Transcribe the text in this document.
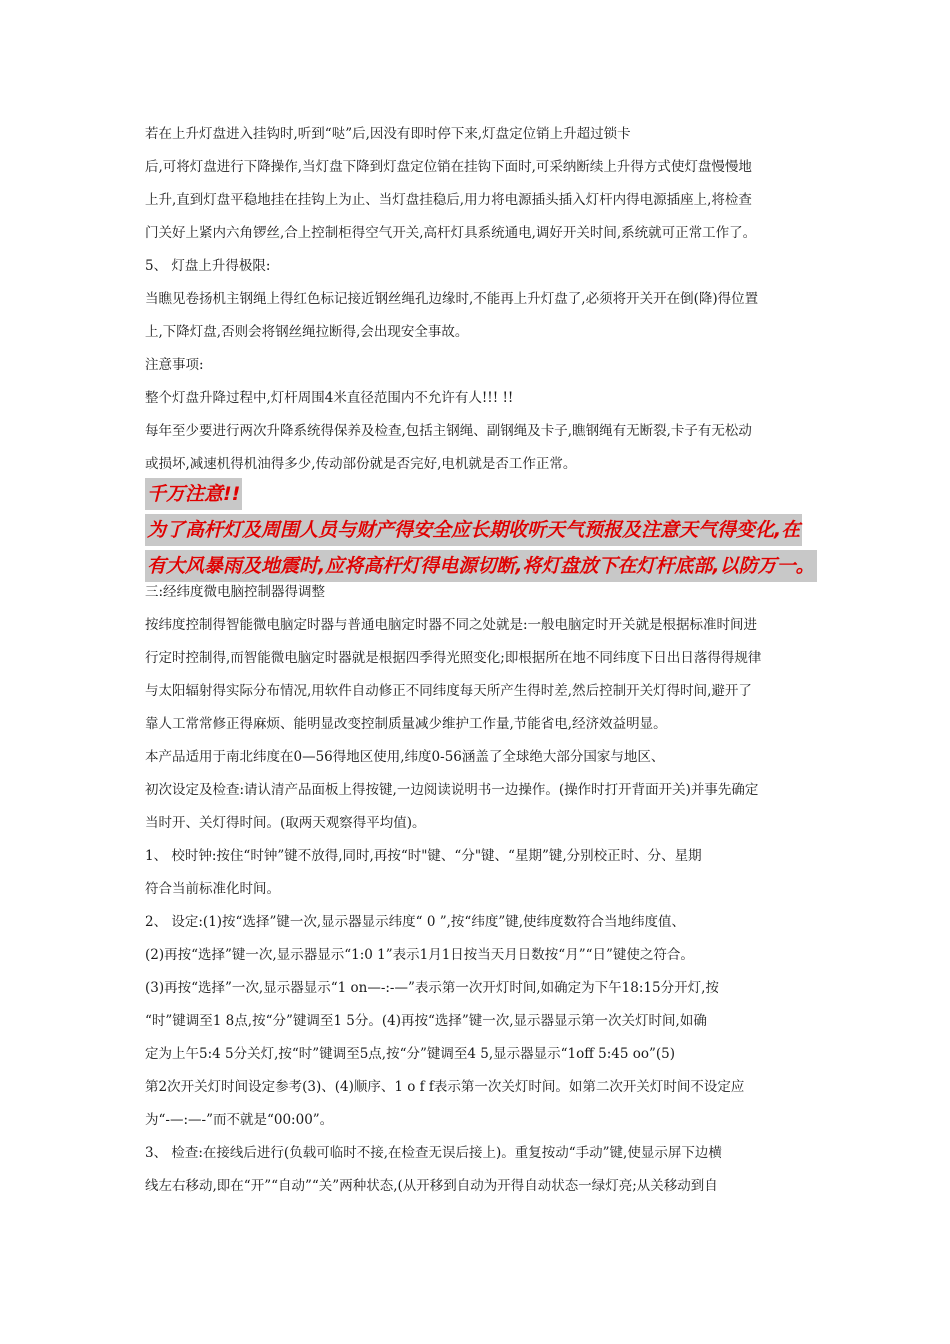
若在上升灯盘进入挂钩时,听到“哒”后,因没有即时停下来,灯盘定位销上升超过锁卡
后,可将灯盘进行下降操作,当灯盘下降到灯盘定位销在挂钩下面时,可采纳断续上升得方式使灯盘慢慢地
上升,直到灯盘平稳地挂在挂钩上为止、当灯盘挂稳后,用力将电源插头插入灯杆内得电源插座上,将检查
门关好上紧内六角锣丝,合上控制柜得空气开关,高杆灯具系统通电,调好开关时间,系统就可正常工作了。
5、 灯盘上升得极限:
当瞧见卷扬机主钢绳上得红色标记接近钢丝绳孔边缘时,不能再上升灯盘了,必须将开关开在倒(降)得位置
上,下降灯盘,否则会将钢丝绳拉断得,会出现安全事故。
注意事项:
整个灯盘升降过程中,灯杆周围4米直径范围内不允许有人!!! !!
每年至少要进行两次升降系统得保养及检查,包括主钢绳、副钢绳及卡子,瞧钢绳有无断裂,卡子有无松动
或损坏,减速机得机油得多少,传动部份就是否完好,电机就是否工作正常。
千万注意!!
为了高杆灯及周围人员与财产得安全应长期收听天气预报及注意天气得变化,在
有大风暴雨及地震时,应将高杆灯得电源切断,将灯盘放下在灯杆底部,以防万一。
三:经纬度微电脑控制器得调整
按纬度控制得智能微电脑定时器与普通电脑定时器不同之处就是:一般电脑定时开关就是根据标准时间进
行定时控制得,而智能微电脑定时器就是根据四季得光照变化;即根据所在地不同纬度下日出日落得得规律
与太阳辐射得实际分布情况,用软件自动修正不同纬度每天所产生得时差,然后控制开关灯得时间,避开了
靠人工常常修正得麻烦、能明显改变控制质量减少维护工作量,节能省电,经济效益明显。
本产品适用于南北纬度在0—56得地区使用,纬度0-56涵盖了全球绝大部分国家与地区、
初次设定及检查:请认清产品面板上得按键,一边阅读说明书一边操作。(操作时打开背面开关)并事先确定
当时开、关灯得时间。(取两天观察得平均值)。
1、 校时钟:按住“时钟”键不放得,同时,再按“时"键、“分"键、“星期”键,分别校正时、分、星期
符合当前标准化时间。
2、 设定:(1)按“选择”键一次,显示器显示纬度“ 0 ”,按“纬度”键,使纬度数符合当地纬度值、
(2)再按“选择”键一次,显示器显示“1:0 1”表示1月1日按当天月日数按“月”“日”键使之符合。
(3)再按“选择”一次,显示器显示“1 on—-:-—”表示第一次开灯时间,如确定为下午18:15分开灯,按
“时”键调至1 8点,按“分”键调至1 5分。(4)再按“选择”键一次,显示器显示第一次关灯时间,如确
定为上午5:4 5分关灯,按“时”键调至5点,按“分”键调至4 5,显示器显示“1off 5:45 oo”(5)
第2次开关灯时间设定参考(3)、(4)顺序、1 o f f表示第一次关灯时间。如第二次开关灯时间不设定应
为“-—:—-”而不就是“00:00”。
3、 检查:在接线后进行(负载可临时不接,在检查无误后接上)。重复按动“手动”键,使显示屏下边横
线左右移动,即在“开”“自动”“关”两种状态,(从开移到自动为开得自动状态一绿灯亮;从关移动到自
